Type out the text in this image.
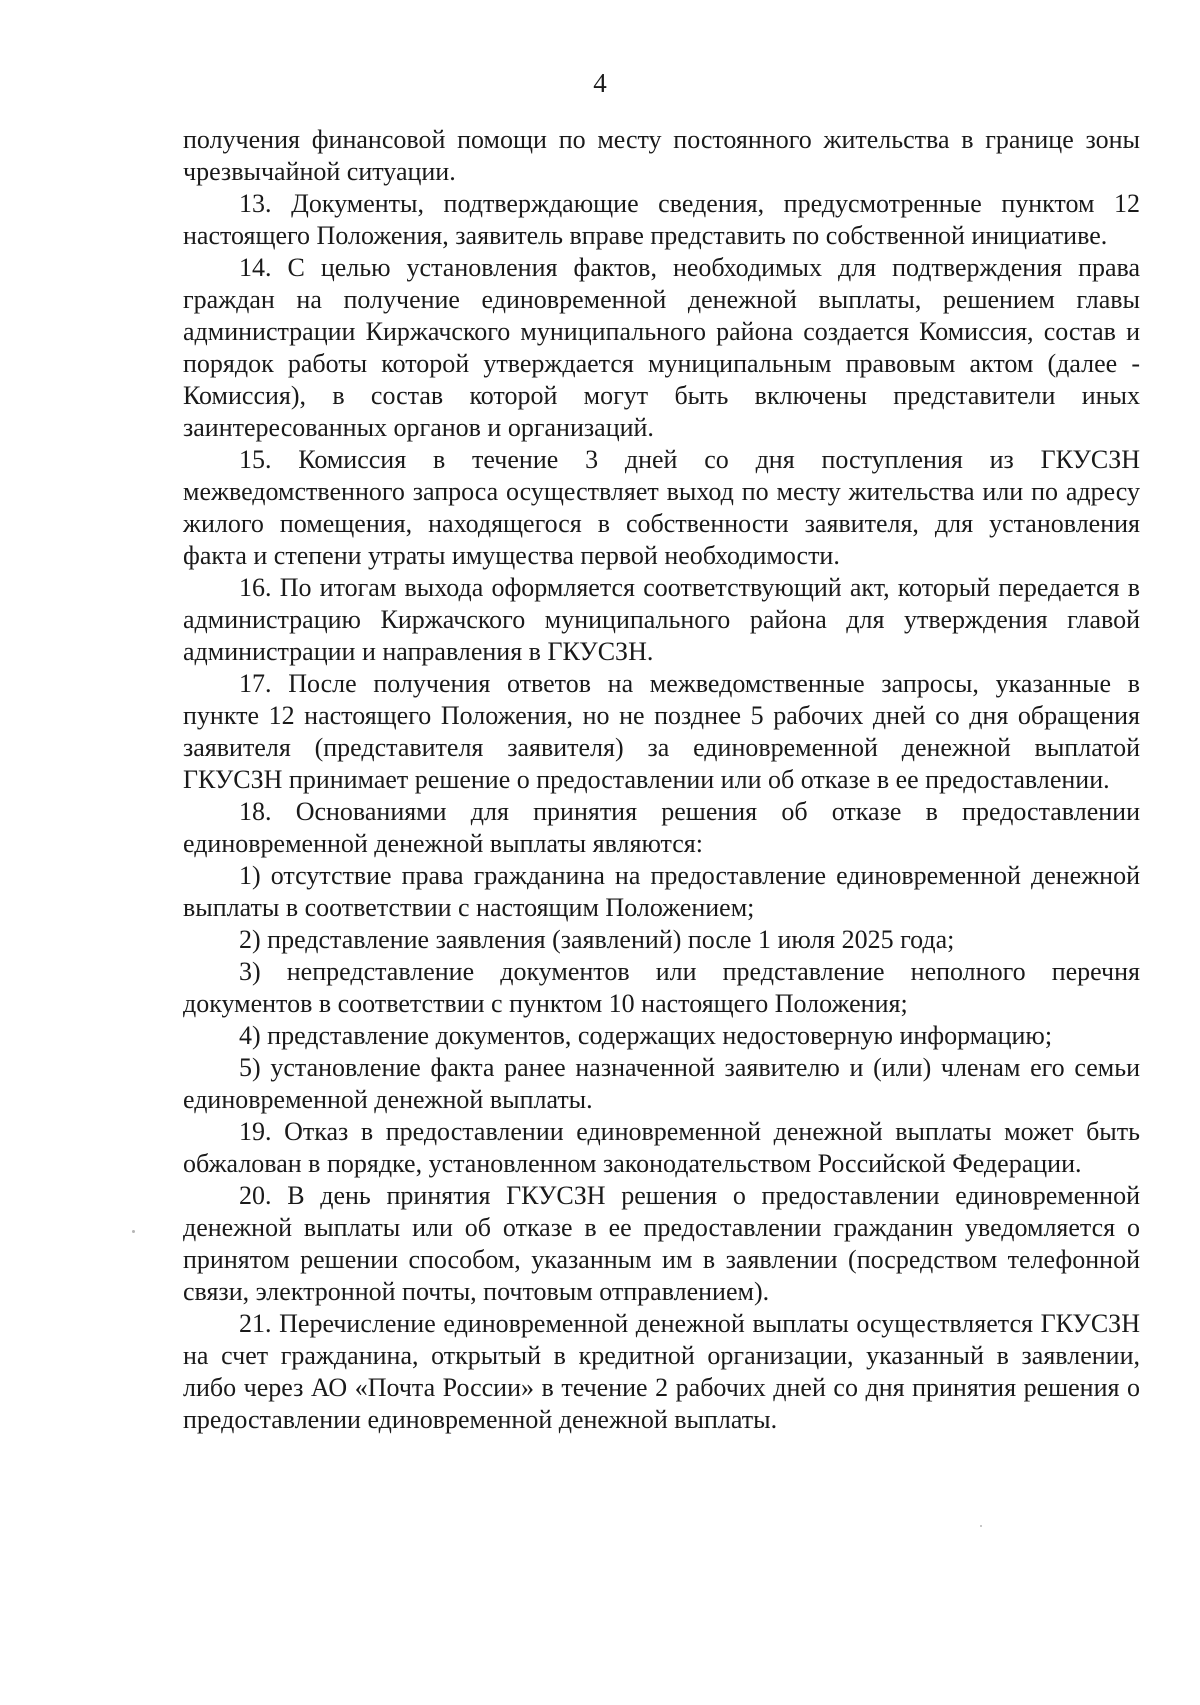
4

получения финансовой помощи по месту постоянного жительства в границе зоны чрезвычайной ситуации.

13. Документы, подтверждающие сведения, предусмотренные пунктом 12 настоящего Положения, заявитель вправе представить по собственной инициативе.

14. С целью установления фактов, необходимых для подтверждения права граждан на получение единовременной денежной выплаты, решением главы администрации Киржачского муниципального района создается Комиссия, состав и порядок работы которой утверждается муниципальным правовым актом (далее - Комиссия), в состав которой могут быть включены представители иных заинтересованных органов и организаций.

15. Комиссия в течение 3 дней со дня поступления из ГКУСЗН межведомственного запроса осуществляет выход по месту жительства или по адресу жилого помещения, находящегося в собственности заявителя, для установления факта и степени утраты имущества первой необходимости.

16. По итогам выхода оформляется соответствующий акт, который передается в администрацию Киржачского муниципального района для утверждения главой администрации и направления в ГКУСЗН.

17. После получения ответов на межведомственные запросы, указанные в пункте 12 настоящего Положения, но не позднее 5 рабочих дней со дня обращения заявителя (представителя заявителя) за единовременной денежной выплатой ГКУСЗН принимает решение о предоставлении или об отказе в ее предоставлении.

18. Основаниями для принятия решения об отказе в предоставлении единовременной денежной выплаты являются:

1) отсутствие права гражданина на предоставление единовременной денежной выплаты в соответствии с настоящим Положением;

2) представление заявления (заявлений) после 1 июля 2025 года;

3) непредставление документов или представление неполного перечня документов в соответствии с пунктом 10 настоящего Положения;

4) представление документов, содержащих недостоверную информацию;

5) установление факта ранее назначенной заявителю и (или) членам его семьи единовременной денежной выплаты.

19. Отказ в предоставлении единовременной денежной выплаты может быть обжалован в порядке, установленном законодательством Российской Федерации.

20. В день принятия ГКУСЗН решения о предоставлении единовременной денежной выплаты или об отказе в ее предоставлении гражданин уведомляется о принятом решении способом, указанным им в заявлении (посредством телефонной связи, электронной почты, почтовым отправлением).

21. Перечисление единовременной денежной выплаты осуществляется ГКУСЗН на счет гражданина, открытый в кредитной организации, указанный в заявлении, либо через АО «Почта России» в течение 2 рабочих дней со дня принятия решения о предоставлении единовременной денежной выплаты.
